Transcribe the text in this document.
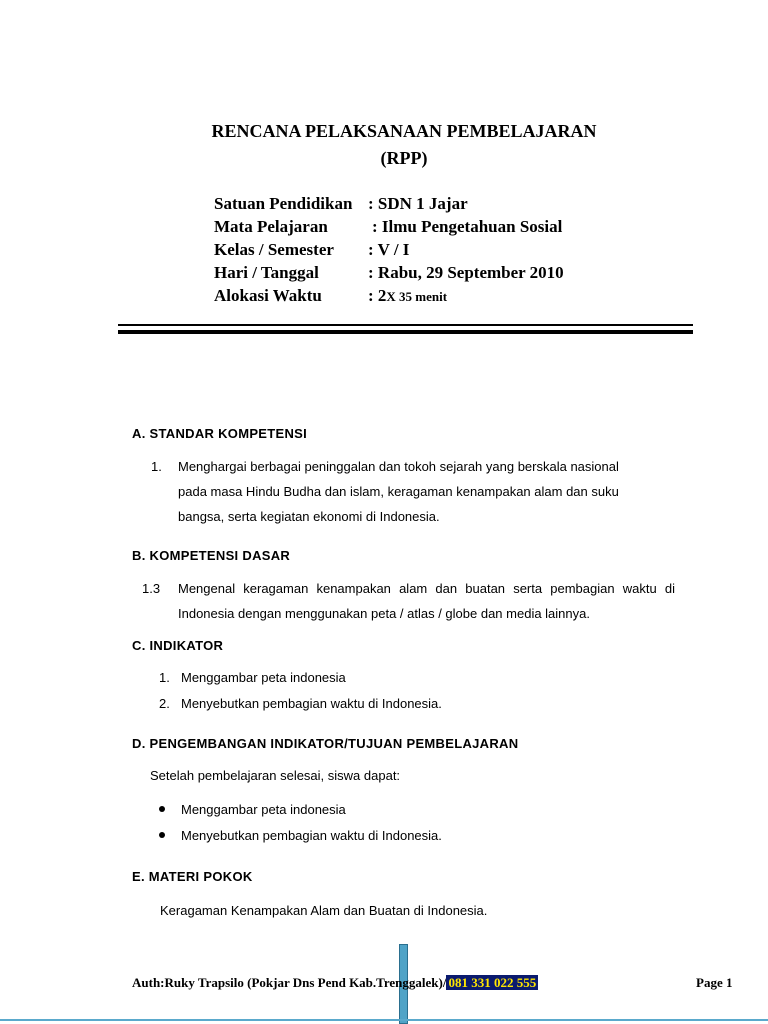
RENCANA PELAKSANAAN PEMBELAJARAN
(RPP)
Satuan Pendidikan : SDN 1 Jajar
Mata Pelajaran	: Ilmu Pengetahuan Sosial
Kelas / Semester : V / I
Hari / Tanggal	: Rabu, 29 September 2010
Alokasi Waktu	: 2X 35 menit
A. STANDAR KOMPETENSI
1. Menghargai berbagai peninggalan dan tokoh sejarah yang berskala nasional
pada masa Hindu Budha dan islam, keragaman kenampakan alam dan suku
bangsa, serta kegiatan ekonomi di Indonesia.
B. KOMPETENSI DASAR
1.3 Mengenal keragaman kenampakan alam dan buatan serta pembagian waktu di
Indonesia dengan menggunakan peta / atlas / globe dan media lainnya.
C. INDIKATOR
1. Menggambar peta indonesia
2. Menyebutkan pembagian waktu di Indonesia.
D. PENGEMBANGAN INDIKATOR/TUJUAN PEMBELAJARAN
Setelah pembelajaran selesai, siswa dapat:
Menggambar peta indonesia
Menyebutkan pembagian waktu di Indonesia.
E. MATERI POKOK
Keragaman Kenampakan Alam dan Buatan di Indonesia.
Auth:Ruky Trapsilo (Pokjar Dns Pend Kab.Trenggalek)/ 081 331 022 555	Page 1
